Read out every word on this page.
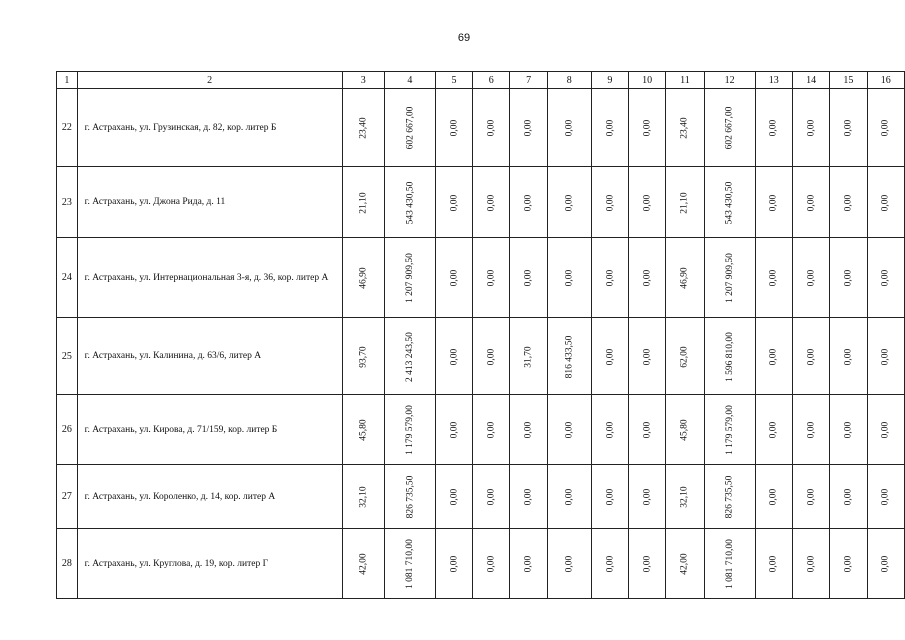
69
1	2	3	4	5	6	7	8	9	10	11	12	13	14	15	16
22	г. Астрахань, ул. Грузинская, д. 82, кор. литер Б	23,40	602 667,00	0,00	0,00	0,00	0,00	0,00	0,00	23,40	602 667,00	0,00	0,00	0,00	0,00
23	г. Астрахань, ул. Джона Рида, д. 11	21,10	543 430,50	0,00	0,00	0,00	0,00	0,00	0,00	21,10	543 430,50	0,00	0,00	0,00	0,00
24	г. Астрахань, ул. Интернациональная 3-я, д. 36, кор. литер А	46,90	1 207 909,50	0,00	0,00	0,00	0,00	0,00	0,00	46,90	1 207 909,50	0,00	0,00	0,00	0,00
25	г. Астрахань, ул. Калинина, д. 63/6, литер А	93,70	2 413 243,50	0,00	0,00	31,70	816 433,50	0,00	0,00	62,00	1 596 810,00	0,00	0,00	0,00	0,00
26	г. Астрахань, ул. Кирова, д. 71/159, кор. литер Б	45,80	1 179 579,00	0,00	0,00	0,00	0,00	0,00	0,00	45,80	1 179 579,00	0,00	0,00	0,00	0,00
27	г. Астрахань, ул. Короленко, д. 14, кор. литер А	32,10	826 735,50	0,00	0,00	0,00	0,00	0,00	0,00	32,10	826 735,50	0,00	0,00	0,00	0,00
28	г. Астрахань, ул. Круглова, д. 19, кор. литер Г	42,00	1 081 710,00	0,00	0,00	0,00	0,00	0,00	0,00	42,00	1 081 710,00	0,00	0,00	0,00	0,00
